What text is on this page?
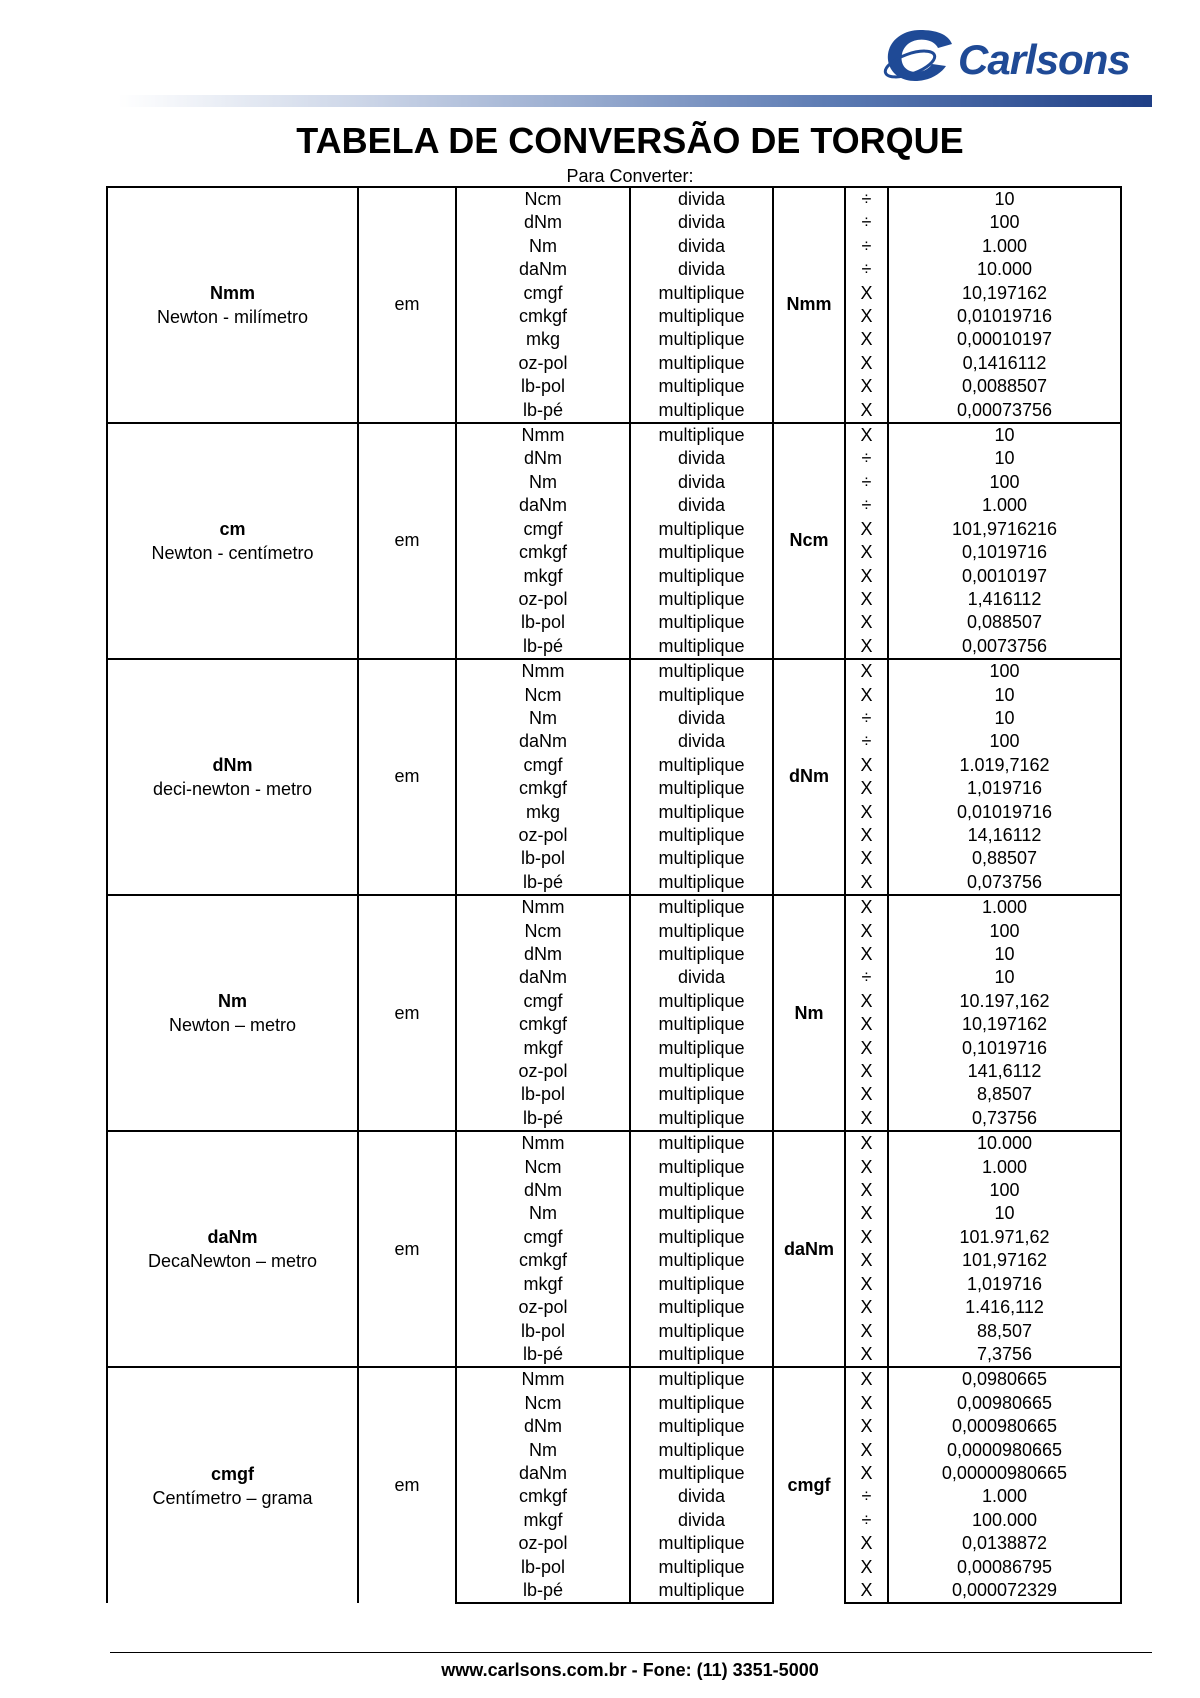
Carlsons
TABELA DE CONVERSÃO DE TORQUE
Para Converter:
Nmm
Newton - milímetro	em	Ncm	divida	Nmm	÷	10
		dNm	divida		÷	100
		Nm	divida		÷	1.000
		daNm	divida		÷	10.000
		cmgf	multiplique		X	10,197162
		cmkgf	multiplique		X	0,01019716
		mkg	multiplique		X	0,00010197
		oz-pol	multiplique		X	0,1416112
		lb-pol	multiplique		X	0,0088507
		lb-pé	multiplique		X	0,00073756

cm
Newton - centímetro	em	Nmm	multiplique	Ncm	X	10
		dNm	divida		÷	10
		Nm	divida		÷	100
		daNm	divida		÷	1.000
		cmgf	multiplique		X	101,9716216
		cmkgf	multiplique		X	0,1019716
		mkgf	multiplique		X	0,0010197
		oz-pol	multiplique		X	1,416112
		lb-pol	multiplique		X	0,088507
		lb-pé	multiplique		X	0,0073756

dNm
deci-newton - metro	em	Nmm	multiplique	dNm	X	100
		Ncm	multiplique		X	10
		Nm	divida		÷	10
		daNm	divida		÷	100
		cmgf	multiplique		X	1.019,7162
		cmkgf	multiplique		X	1,019716
		mkg	multiplique		X	0,01019716
		oz-pol	multiplique		X	14,16112
		lb-pol	multiplique		X	0,88507
		lb-pé	multiplique		X	0,073756

Nm
Newton – metro	em	Nmm	multiplique	Nm	X	1.000
		Ncm	multiplique		X	100
		dNm	multiplique		X	10
		daNm	divida		÷	10
		cmgf	multiplique		X	10.197,162
		cmkgf	multiplique		X	10,197162
		mkgf	multiplique		X	0,1019716
		oz-pol	multiplique		X	141,6112
		lb-pol	multiplique		X	8,8507
		lb-pé	multiplique		X	0,73756

daNm
DecaNewton – metro	em	Nmm	multiplique	daNm	X	10.000
		Ncm	multiplique		X	1.000
		dNm	multiplique		X	100
		Nm	multiplique		X	10
		cmgf	multiplique		X	101.971,62
		cmkgf	multiplique		X	101,97162
		mkgf	multiplique		X	1,019716
		oz-pol	multiplique		X	1.416,112
		lb-pol	multiplique		X	88,507
		lb-pé	multiplique		X	7,3756

cmgf
Centímetro – grama	em	Nmm	multiplique	cmgf	X	0,0980665
		Ncm	multiplique		X	0,00980665
		dNm	multiplique		X	0,000980665
		Nm	multiplique		X	0,0000980665
		daNm	multiplique		X	0,00000980665
		cmkgf	divida		÷	1.000
		mkgf	divida		÷	100.000
		oz-pol	multiplique		X	0,0138872
		lb-pol	multiplique		X	0,00086795
		lb-pé	multiplique		X	0,000072329
www.carlsons.com.br - Fone: (11) 3351-5000
